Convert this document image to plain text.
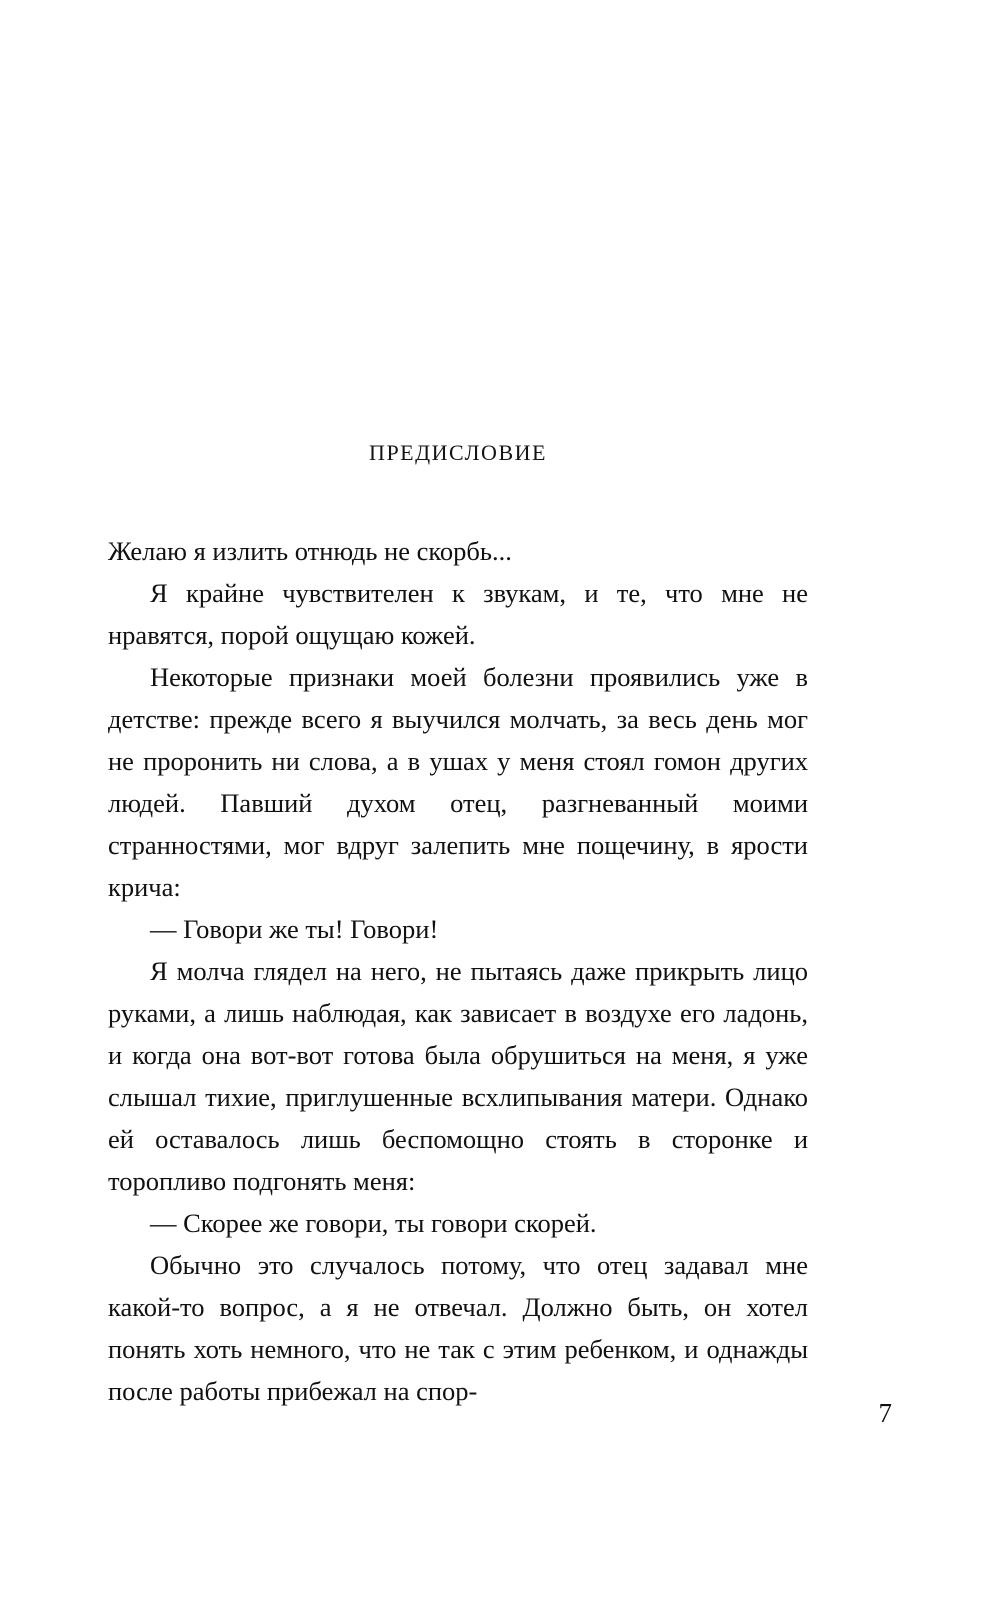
предисловие

Желаю я излить отнюдь не скорбь...

Я крайне чувствителен к звукам, и те, что мне не нравятся, порой ощущаю кожей.

Некоторые признаки моей болезни проявились уже в детстве: прежде всего я выучился молчать, за весь день мог не проронить ни слова, а в ушах у меня стоял гомон других людей. Павший духом отец, разгневанный моими странностями, мог вдруг залепить мне пощечину, в ярости крича:

— Говори же ты! Говори!

Я молча глядел на него, не пытаясь даже прикрыть лицо руками, а лишь наблюдая, как зависает в воздухе его ладонь, и когда она вот-вот готова была обрушиться на меня, я уже слышал тихие, приглушенные всхлипывания матери. Однако ей оставалось лишь беспомощно стоять в сторонке и торопливо подгонять меня:

— Скорее же говори, ты говори скорей.

Обычно это случалось потому, что отец задавал мне какой-то вопрос, а я не отвечал. Должно быть, он хотел понять хоть немного, что не так с этим ребенком, и однажды после работы прибежал на спор-

7
